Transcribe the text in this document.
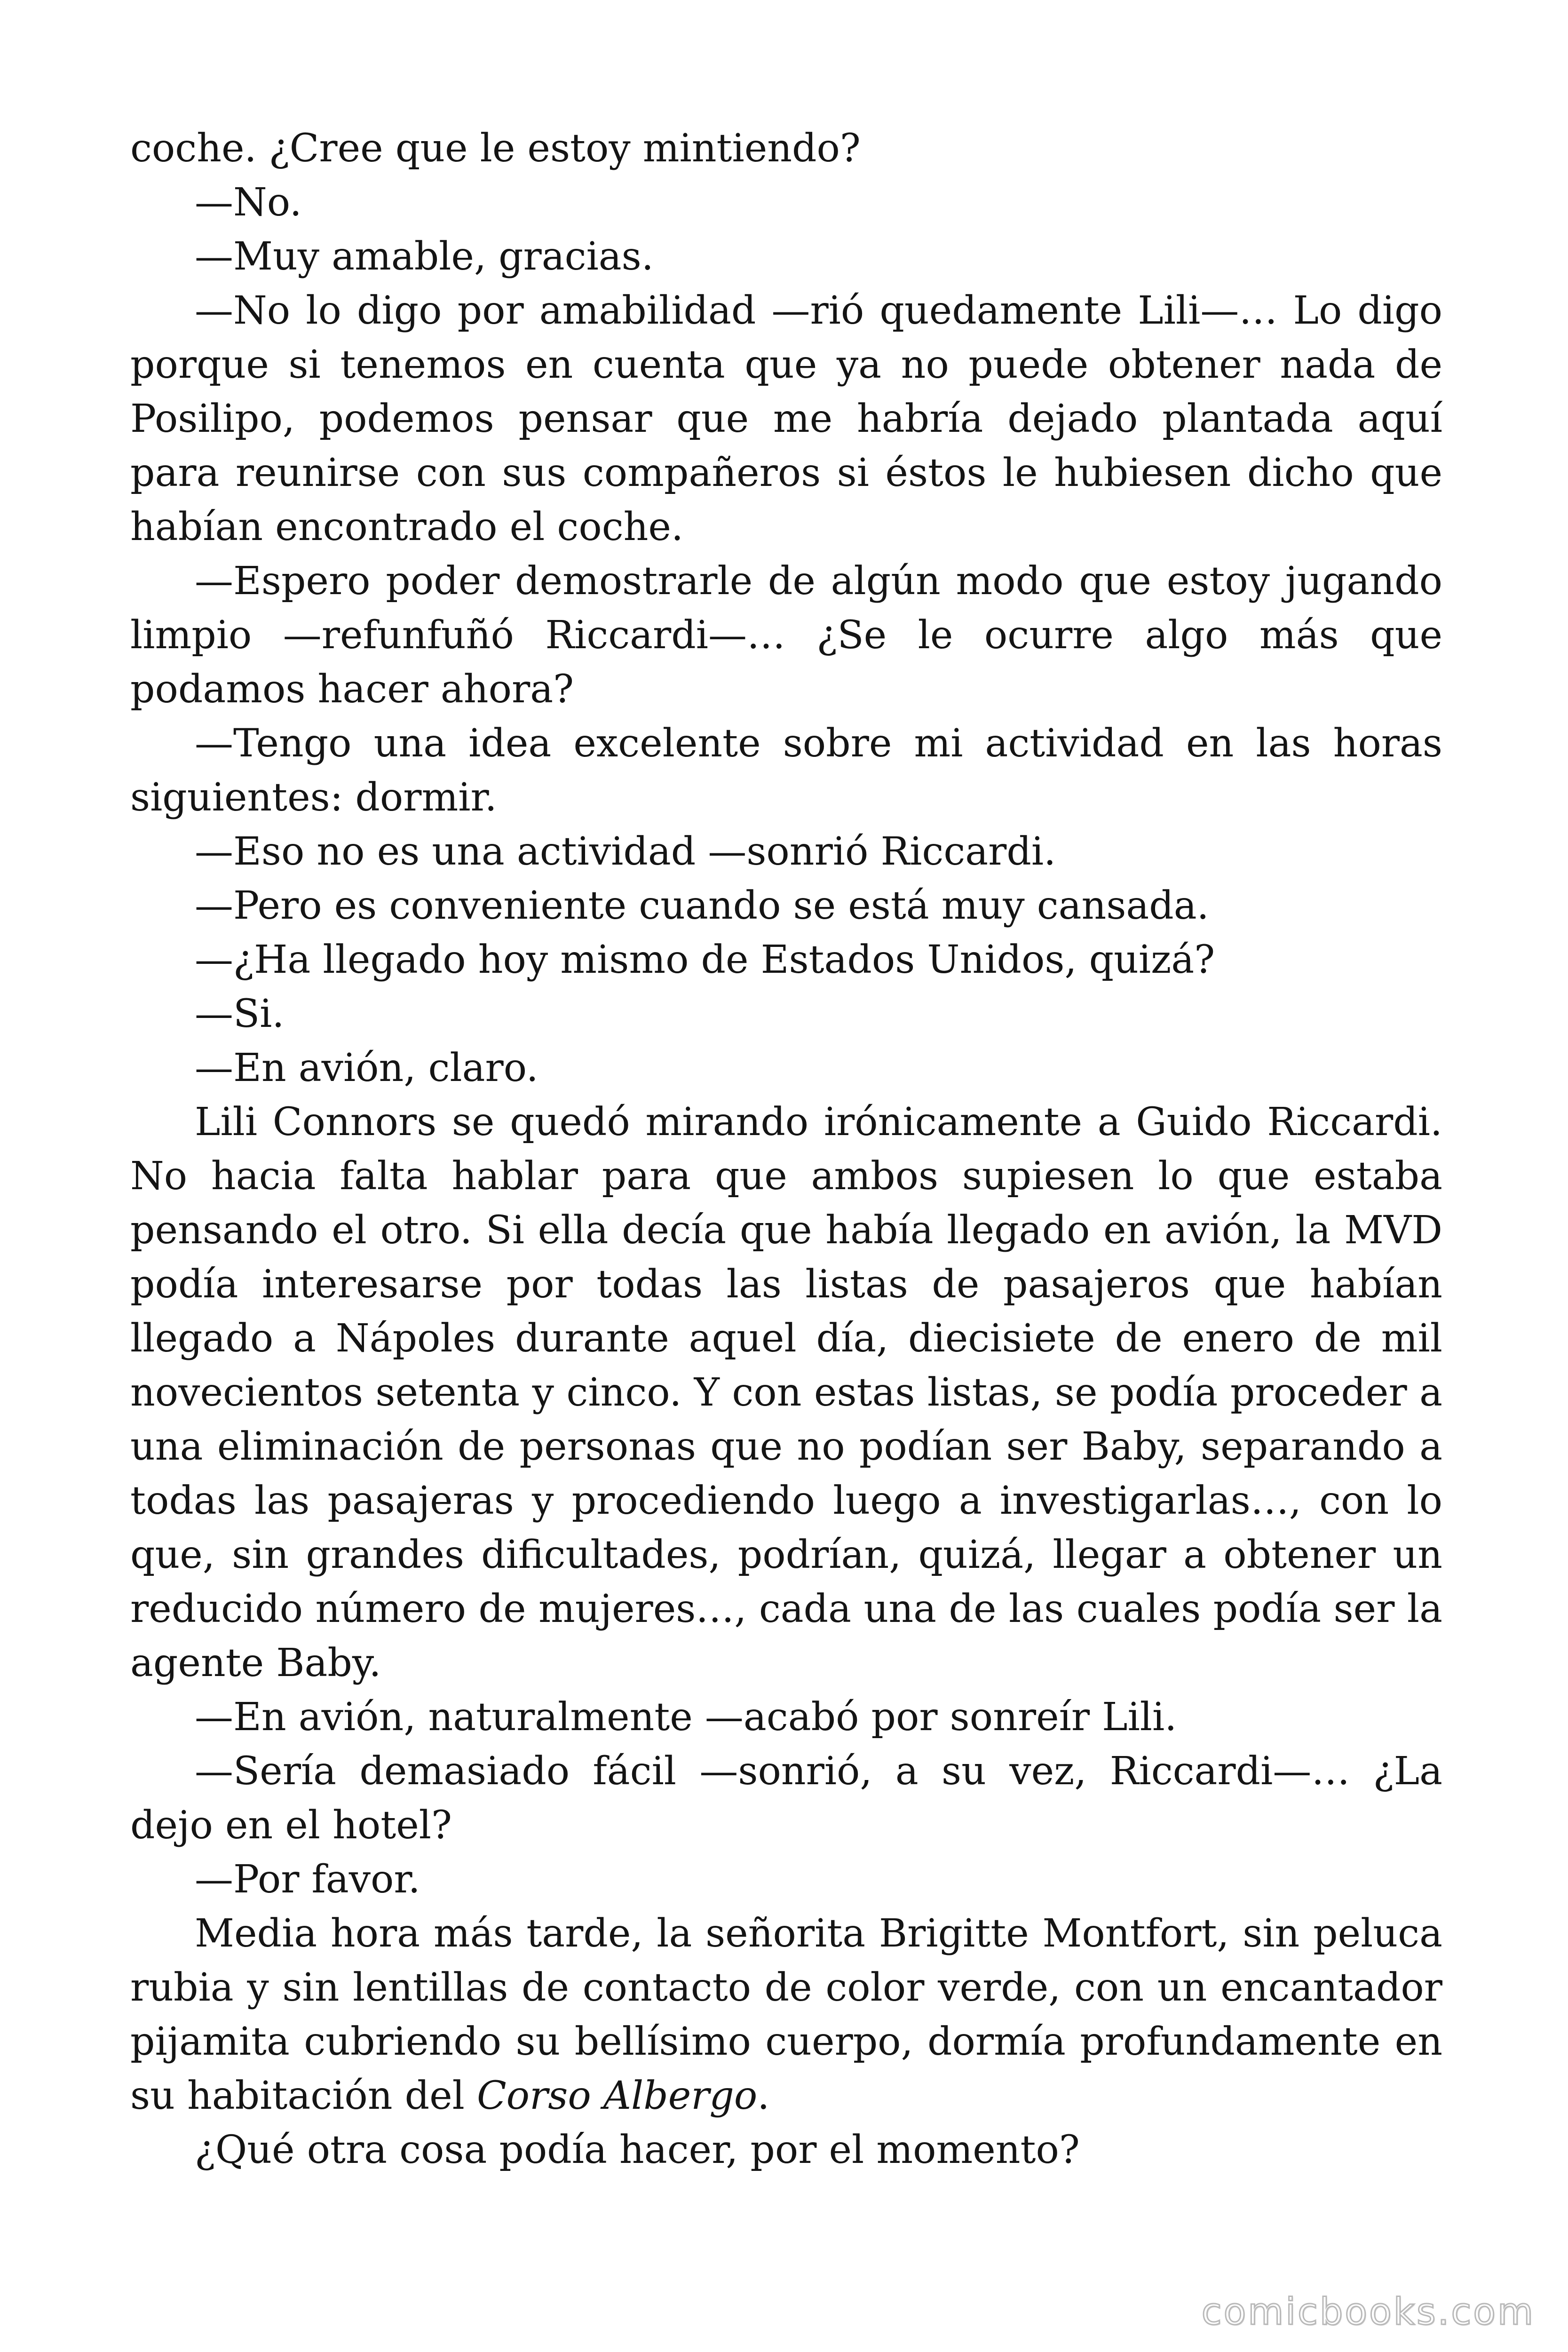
coche. ¿Cree que le estoy mintiendo?

—No.

—Muy amable, gracias.

—No lo digo por amabilidad —rió quedamente Lili—… Lo digo porque si tenemos en cuenta que ya no puede obtener nada de Posilipo, podemos pensar que me habría dejado plantada aquí para reunirse con sus compañeros si éstos le hubiesen dicho que habían encontrado el coche.

—Espero poder demostrarle de algún modo que estoy jugando limpio —refunfuñó Riccardi—… ¿Se le ocurre algo más que podamos hacer ahora?

—Tengo una idea excelente sobre mi actividad en las horas siguientes: dormir.

—Eso no es una actividad —sonrió Riccardi.

—Pero es conveniente cuando se está muy cansada.

—¿Ha llegado hoy mismo de Estados Unidos, quizá?

—Si.

—En avión, claro.

Lili Connors se quedó mirando irónicamente a Guido Riccardi. No hacia falta hablar para que ambos supiesen lo que estaba pensando el otro. Si ella decía que había llegado en avión, la MVD podía interesarse por todas las listas de pasajeros que habían llegado a Nápoles durante aquel día, diecisiete de enero de mil novecientos setenta y cinco. Y con estas listas, se podía proceder a una eliminación de personas que no podían ser Baby, separando a todas las pasajeras y procediendo luego a investigarlas…, con lo que, sin grandes dificultades, podrían, quizá, llegar a obtener un reducido número de mujeres…, cada una de las cuales podía ser la agente Baby.

—En avión, naturalmente —acabó por sonreír Lili.

—Sería demasiado fácil —sonrió, a su vez, Riccardi—… ¿La dejo en el hotel?

—Por favor.

Media hora más tarde, la señorita Brigitte Montfort, sin peluca rubia y sin lentillas de contacto de color verde, con un encantador pijamita cubriendo su bellísimo cuerpo, dormía profundamente en su habitación del Corso Albergo.

¿Qué otra cosa podía hacer, por el momento?

comicbooks.com
